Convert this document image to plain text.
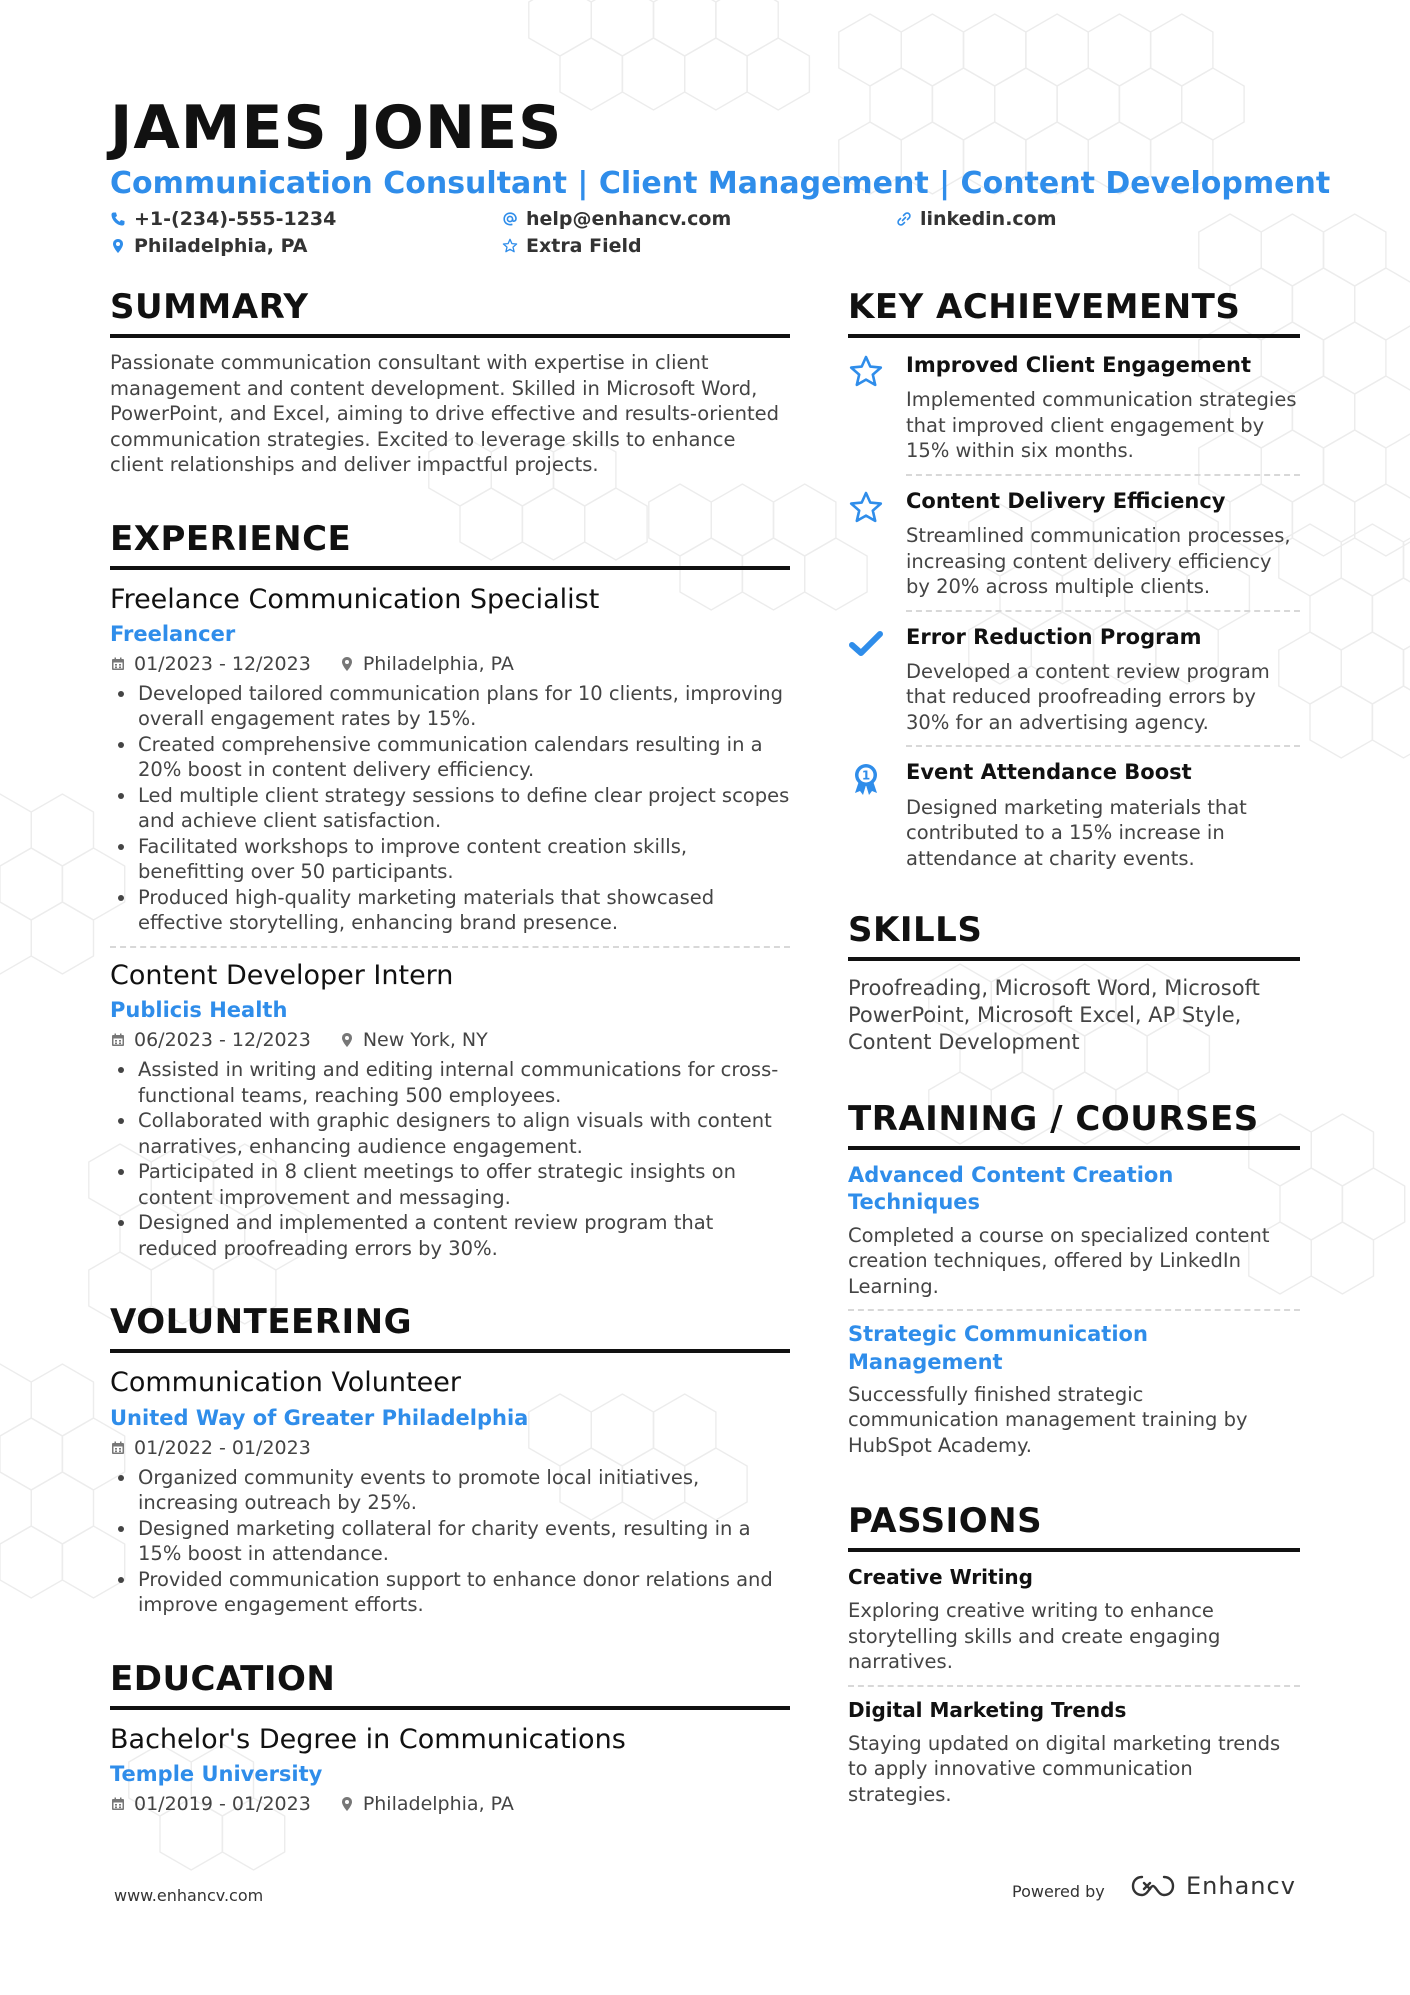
JAMES JONES
Communication Consultant | Client Management | Content Development
+1-(234)-555-1234	help@enhancv.com	linkedin.com
Philadelphia, PA	Extra Field
SUMMARY
Passionate communication consultant with expertise in client management and content development. Skilled in Microsoft Word, PowerPoint, and Excel, aiming to drive effective and results-oriented communication strategies. Excited to leverage skills to enhance client relationships and deliver impactful projects.
EXPERIENCE
Freelance Communication Specialist
Freelancer
01/2023 - 12/2023	Philadelphia, PA
Developed tailored communication plans for 10 clients, improving overall engagement rates by 15%.
Created comprehensive communication calendars resulting in a 20% boost in content delivery efficiency.
Led multiple client strategy sessions to define clear project scopes and achieve client satisfaction.
Facilitated workshops to improve content creation skills, benefitting over 50 participants.
Produced high-quality marketing materials that showcased effective storytelling, enhancing brand presence.
Content Developer Intern
Publicis Health
06/2023 - 12/2023	New York, NY
Assisted in writing and editing internal communications for cross-functional teams, reaching 500 employees.
Collaborated with graphic designers to align visuals with content narratives, enhancing audience engagement.
Participated in 8 client meetings to offer strategic insights on content improvement and messaging.
Designed and implemented a content review program that reduced proofreading errors by 30%.
VOLUNTEERING
Communication Volunteer
United Way of Greater Philadelphia
01/2022 - 01/2023
Organized community events to promote local initiatives, increasing outreach by 25%.
Designed marketing collateral for charity events, resulting in a 15% boost in attendance.
Provided communication support to enhance donor relations and improve engagement efforts.
EDUCATION
Bachelor's Degree in Communications
Temple University
01/2019 - 01/2023	Philadelphia, PA
KEY ACHIEVEMENTS
Improved Client Engagement
Implemented communication strategies that improved client engagement by 15% within six months.
Content Delivery Efficiency
Streamlined communication processes, increasing content delivery efficiency by 20% across multiple clients.
Error Reduction Program
Developed a content review program that reduced proofreading errors by 30% for an advertising agency.
1 Event Attendance Boost
Designed marketing materials that contributed to a 15% increase in attendance at charity events.
SKILLS
Proofreading, Microsoft Word, Microsoft PowerPoint, Microsoft Excel, AP Style, Content Development
TRAINING / COURSES
Advanced Content Creation Techniques
Completed a course on specialized content creation techniques, offered by LinkedIn Learning.
Strategic Communication Management
Successfully finished strategic communication management training by HubSpot Academy.
PASSIONS
Creative Writing
Exploring creative writing to enhance storytelling skills and create engaging narratives.
Digital Marketing Trends
Staying updated on digital marketing trends to apply innovative communication strategies.
www.enhancv.com	Powered by	Enhancv
